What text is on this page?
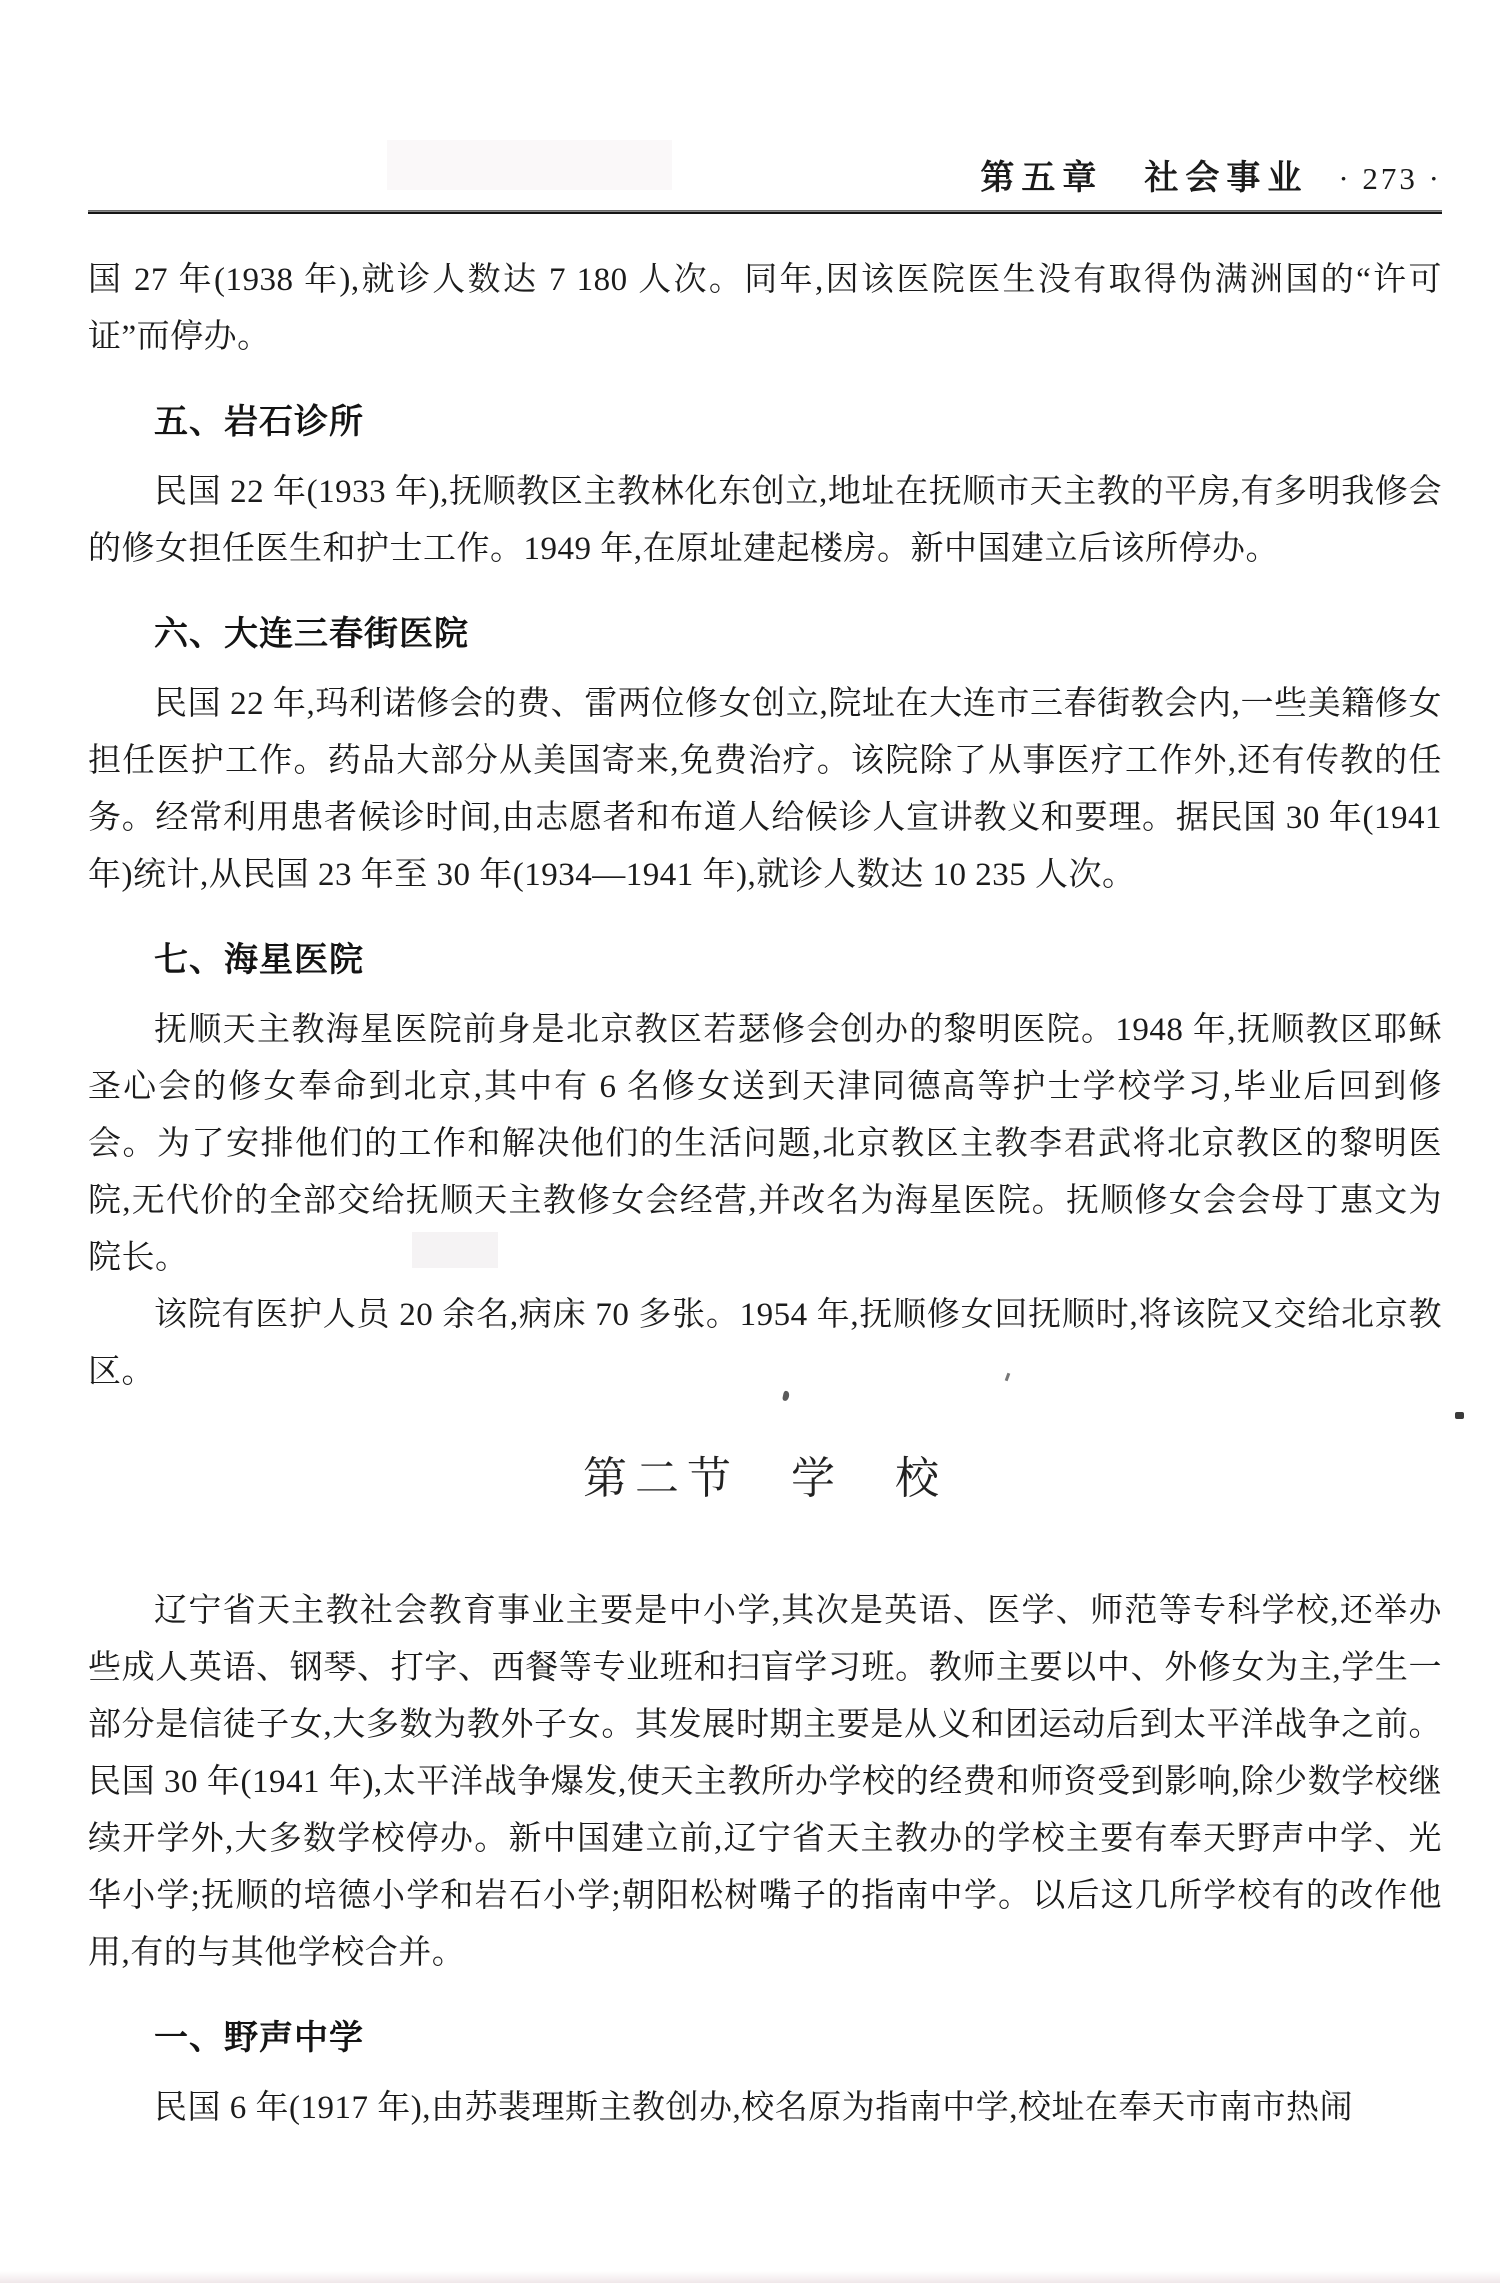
第五章　社会事业 · 273 ·

国 27 年(1938 年),就诊人数达 7 180 人次。同年,因该医院医生没有取得伪满洲国的“许可证”而停办。

五、岩石诊所

民国 22 年(1933 年),抚顺教区主教林化东创立,地址在抚顺市天主教的平房,有多明我修会的修女担任医生和护士工作。1949 年,在原址建起楼房。新中国建立后该所停办。

六、大连三春街医院

民国 22 年,玛利诺修会的费、雷两位修女创立,院址在大连市三春街教会内,一些美籍修女担任医护工作。药品大部分从美国寄来,免费治疗。该院除了从事医疗工作外,还有传教的任务。经常利用患者候诊时间,由志愿者和布道人给候诊人宣讲教义和要理。据民国 30 年(1941 年)统计,从民国 23 年至 30 年(1934—1941 年),就诊人数达 10 235 人次。

七、海星医院

抚顺天主教海星医院前身是北京教区若瑟修会创办的黎明医院。1948 年,抚顺教区耶稣圣心会的修女奉命到北京,其中有 6 名修女送到天津同德高等护士学校学习,毕业后回到修会。为了安排他们的工作和解决他们的生活问题,北京教区主教李君武将北京教区的黎明医院,无代价的全部交给抚顺天主教修女会经营,并改名为海星医院。抚顺修女会会母丁惠文为院长。

该院有医护人员 20 余名,病床 70 多张。1954 年,抚顺修女回抚顺时,将该院又交给北京教区。

第二节　学　校

辽宁省天主教社会教育事业主要是中小学,其次是英语、医学、师范等专科学校,还举办些成人英语、钢琴、打字、西餐等专业班和扫盲学习班。教师主要以中、外修女为主,学生一部分是信徒子女,大多数为教外子女。其发展时期主要是从义和团运动后到太平洋战争之前。民国 30 年(1941 年),太平洋战争爆发,使天主教所办学校的经费和师资受到影响,除少数学校继续开学外,大多数学校停办。新中国建立前,辽宁省天主教办的学校主要有奉天野声中学、光华小学;抚顺的培德小学和岩石小学;朝阳松树嘴子的指南中学。以后这几所学校有的改作他用,有的与其他学校合并。

一、野声中学

民国 6 年(1917 年),由苏裴理斯主教创办,校名原为指南中学,校址在奉天市南市热闹
